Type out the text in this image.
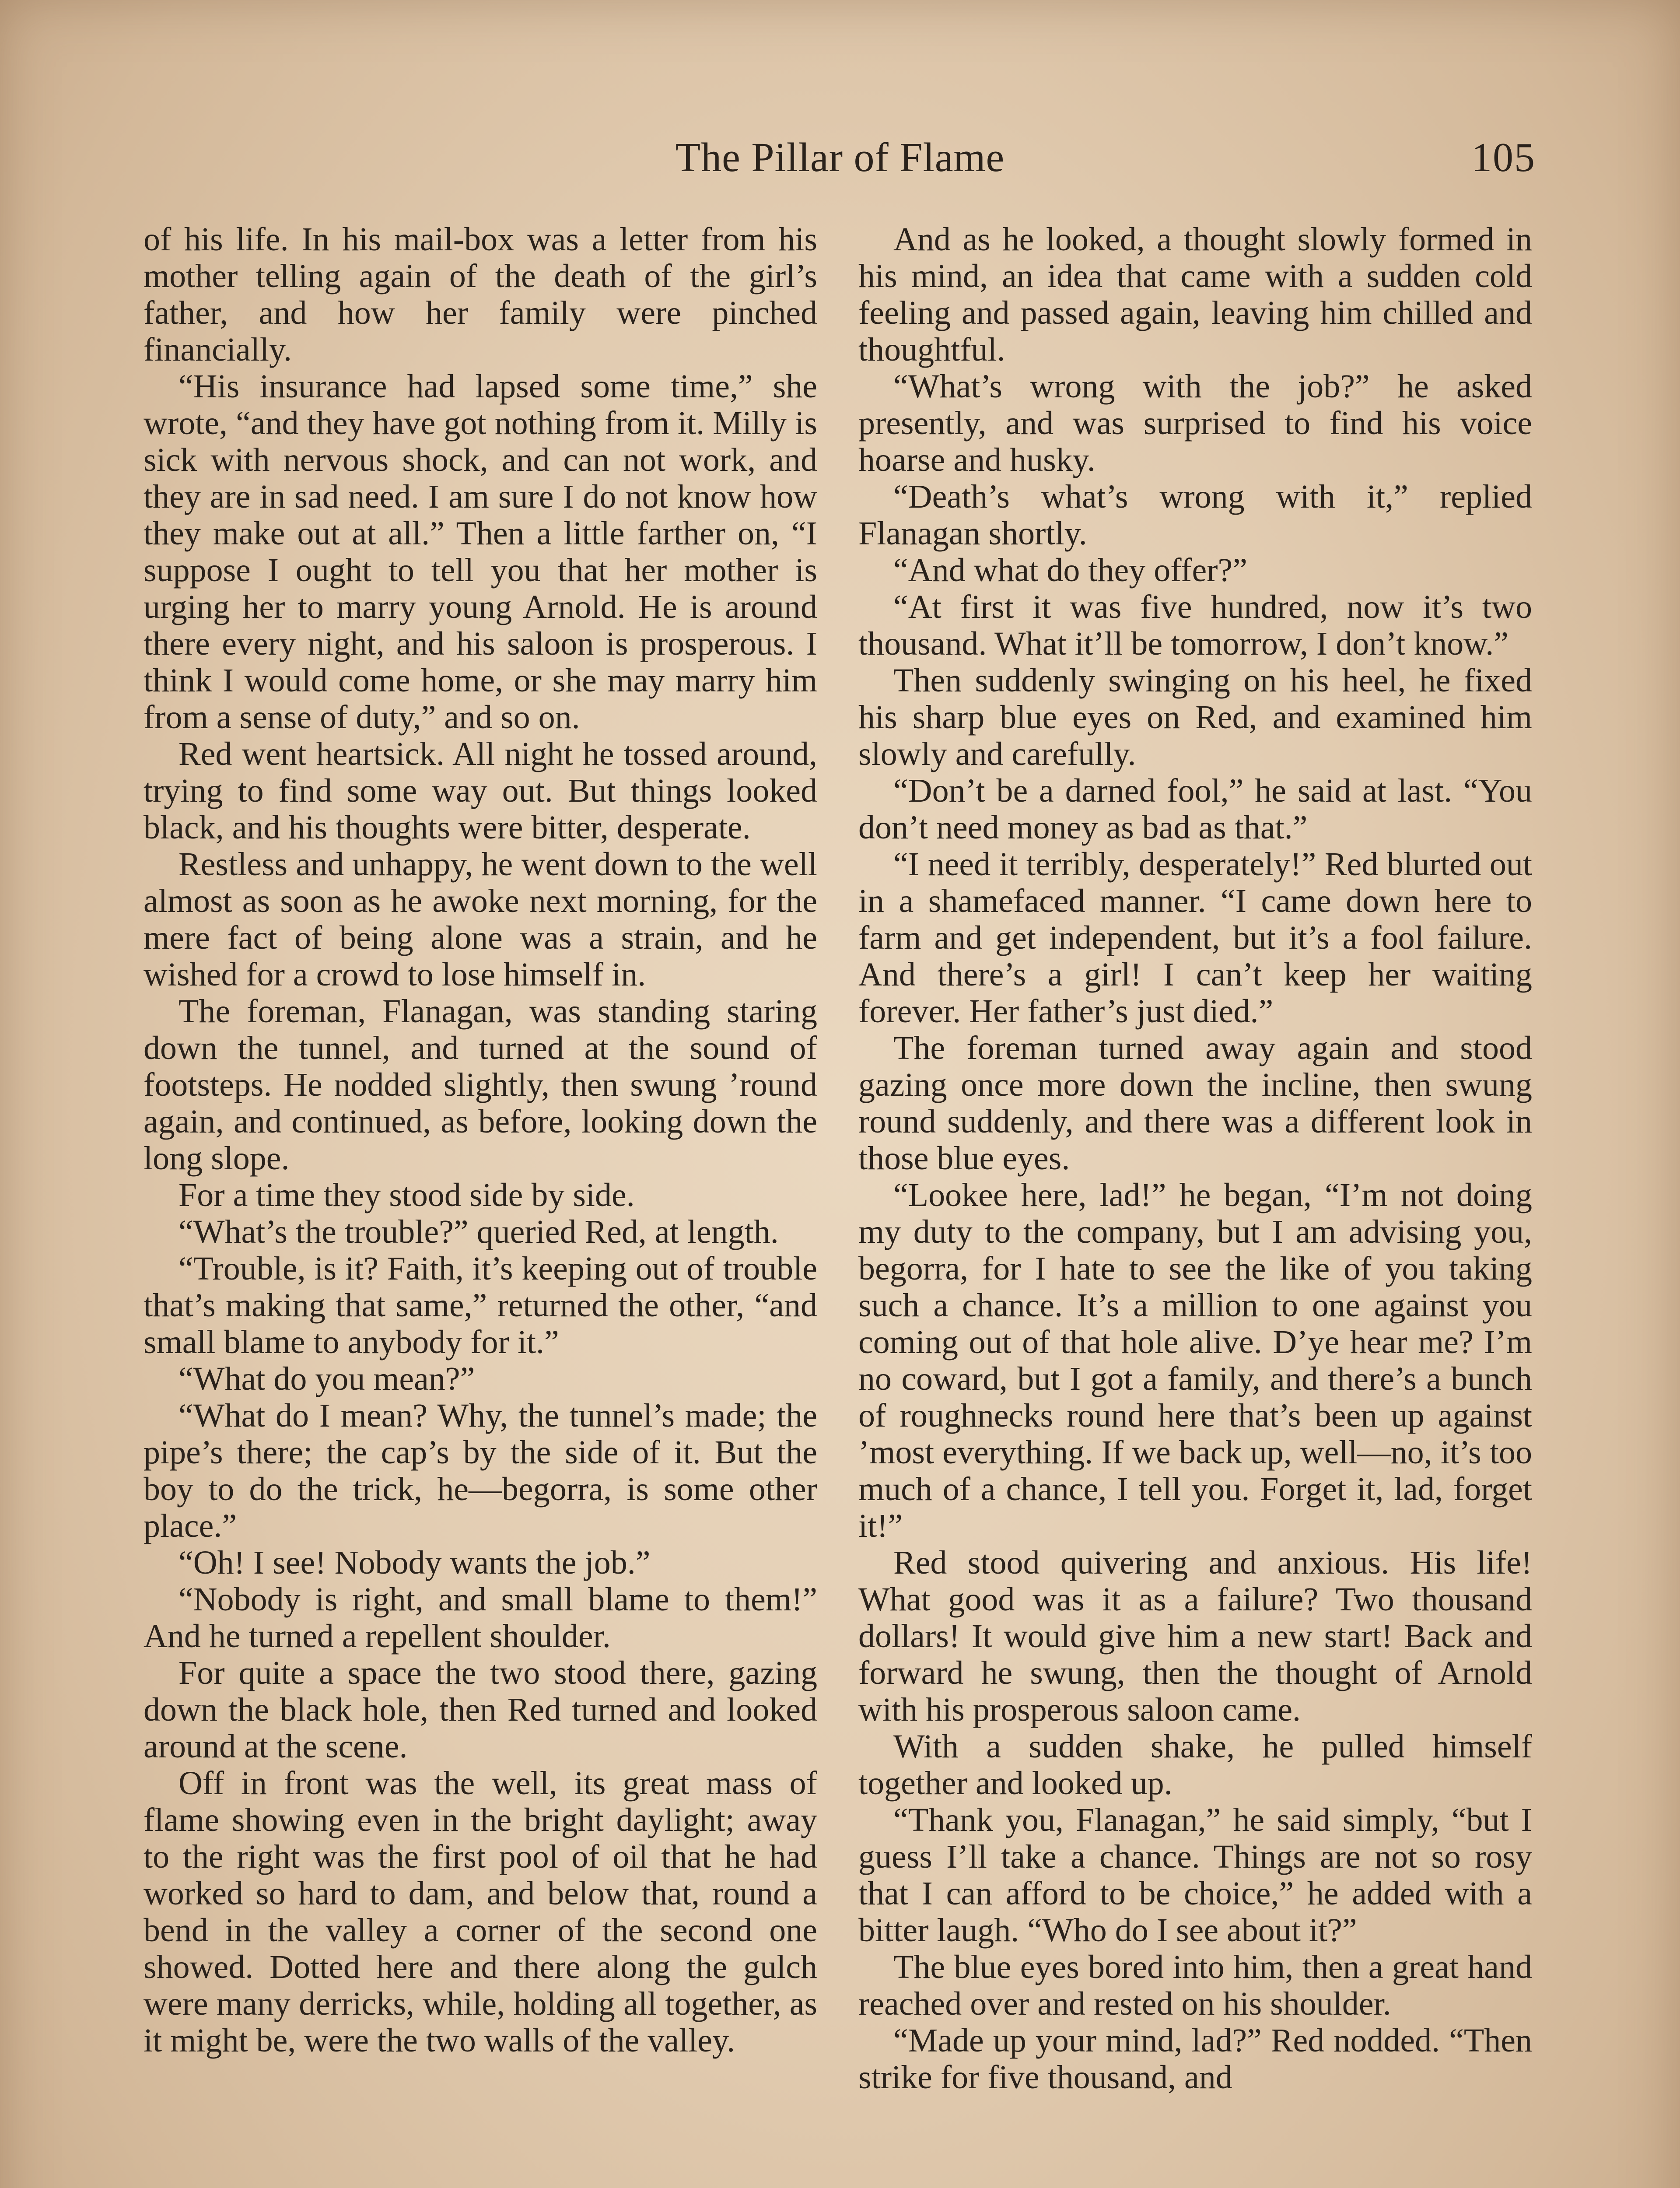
The Pillar of Flame	105

of his life. In his mail-box was a letter from his mother telling again of the death of the girl’s father, and how her family were pinched financially.

“His insurance had lapsed some time,” she wrote, “and they have got nothing from it. Milly is sick with nervous shock, and can not work, and they are in sad need. I am sure I do not know how they make out at all.” Then a little farther on, “I suppose I ought to tell you that her mother is urging her to marry young Arnold. He is around there every night, and his saloon is prosperous. I think I would come home, or she may marry him from a sense of duty,” and so on.

Red went heartsick. All night he tossed around, trying to find some way out. But things looked black, and his thoughts were bitter, desperate.

Restless and unhappy, he went down to the well almost as soon as he awoke next morning, for the mere fact of being alone was a strain, and he wished for a crowd to lose himself in.

The foreman, Flanagan, was standing staring down the tunnel, and turned at the sound of footsteps. He nodded slightly, then swung ’round again, and continued, as before, looking down the long slope.

For a time they stood side by side.

“What’s the trouble?” queried Red, at length.

“Trouble, is it? Faith, it’s keeping out of trouble that’s making that same,” returned the other, “and small blame to anybody for it.”

“What do you mean?”

“What do I mean? Why, the tunnel’s made; the pipe’s there; the cap’s by the side of it. But the boy to do the trick, he—begorra, is some other place.”

“Oh! I see! Nobody wants the job.”

“Nobody is right, and small blame to them!” And he turned a repellent shoulder.

For quite a space the two stood there, gazing down the black hole, then Red turned and looked around at the scene.

Off in front was the well, its great mass of flame showing even in the bright daylight; away to the right was the first pool of oil that he had worked so hard to dam, and below that, round a bend in the valley a corner of the second one showed. Dotted here and there along the gulch were many derricks, while, holding all together, as it might be, were the two walls of the valley.

And as he looked, a thought slowly formed in his mind, an idea that came with a sudden cold feeling and passed again, leaving him chilled and thoughtful.

“What’s wrong with the job?” he asked presently, and was surprised to find his voice hoarse and husky.

“Death’s what’s wrong with it,” replied Flanagan shortly.

“And what do they offer?”

“At first it was five hundred, now it’s two thousand. What it’ll be tomorrow, I don’t know.”

Then suddenly swinging on his heel, he fixed his sharp blue eyes on Red, and examined him slowly and carefully.

“Don’t be a darned fool,” he said at last. “You don’t need money as bad as that.”

“I need it terribly, desperately!” Red blurted out in a shamefaced manner. “I came down here to farm and get independent, but it’s a fool failure. And there’s a girl! I can’t keep her waiting forever. Her father’s just died.”

The foreman turned away again and stood gazing once more down the incline, then swung round suddenly, and there was a different look in those blue eyes.

“Lookee here, lad!” he began, “I’m not doing my duty to the company, but I am advising you, begorra, for I hate to see the like of you taking such a chance. It’s a million to one against you coming out of that hole alive. D’ye hear me? I’m no coward, but I got a family, and there’s a bunch of roughnecks round here that’s been up against ’most everything. If we back up, well—no, it’s too much of a chance, I tell you. Forget it, lad, forget it!”

Red stood quivering and anxious. His life! What good was it as a failure? Two thousand dollars! It would give him a new start! Back and forward he swung, then the thought of Arnold with his prosperous saloon came.

With a sudden shake, he pulled himself together and looked up.

“Thank you, Flanagan,” he said simply, “but I guess I’ll take a chance. Things are not so rosy that I can afford to be choice,” he added with a bitter laugh. “Who do I see about it?”

The blue eyes bored into him, then a great hand reached over and rested on his shoulder.

“Made up your mind, lad?” Red nodded. “Then strike for five thousand, and
